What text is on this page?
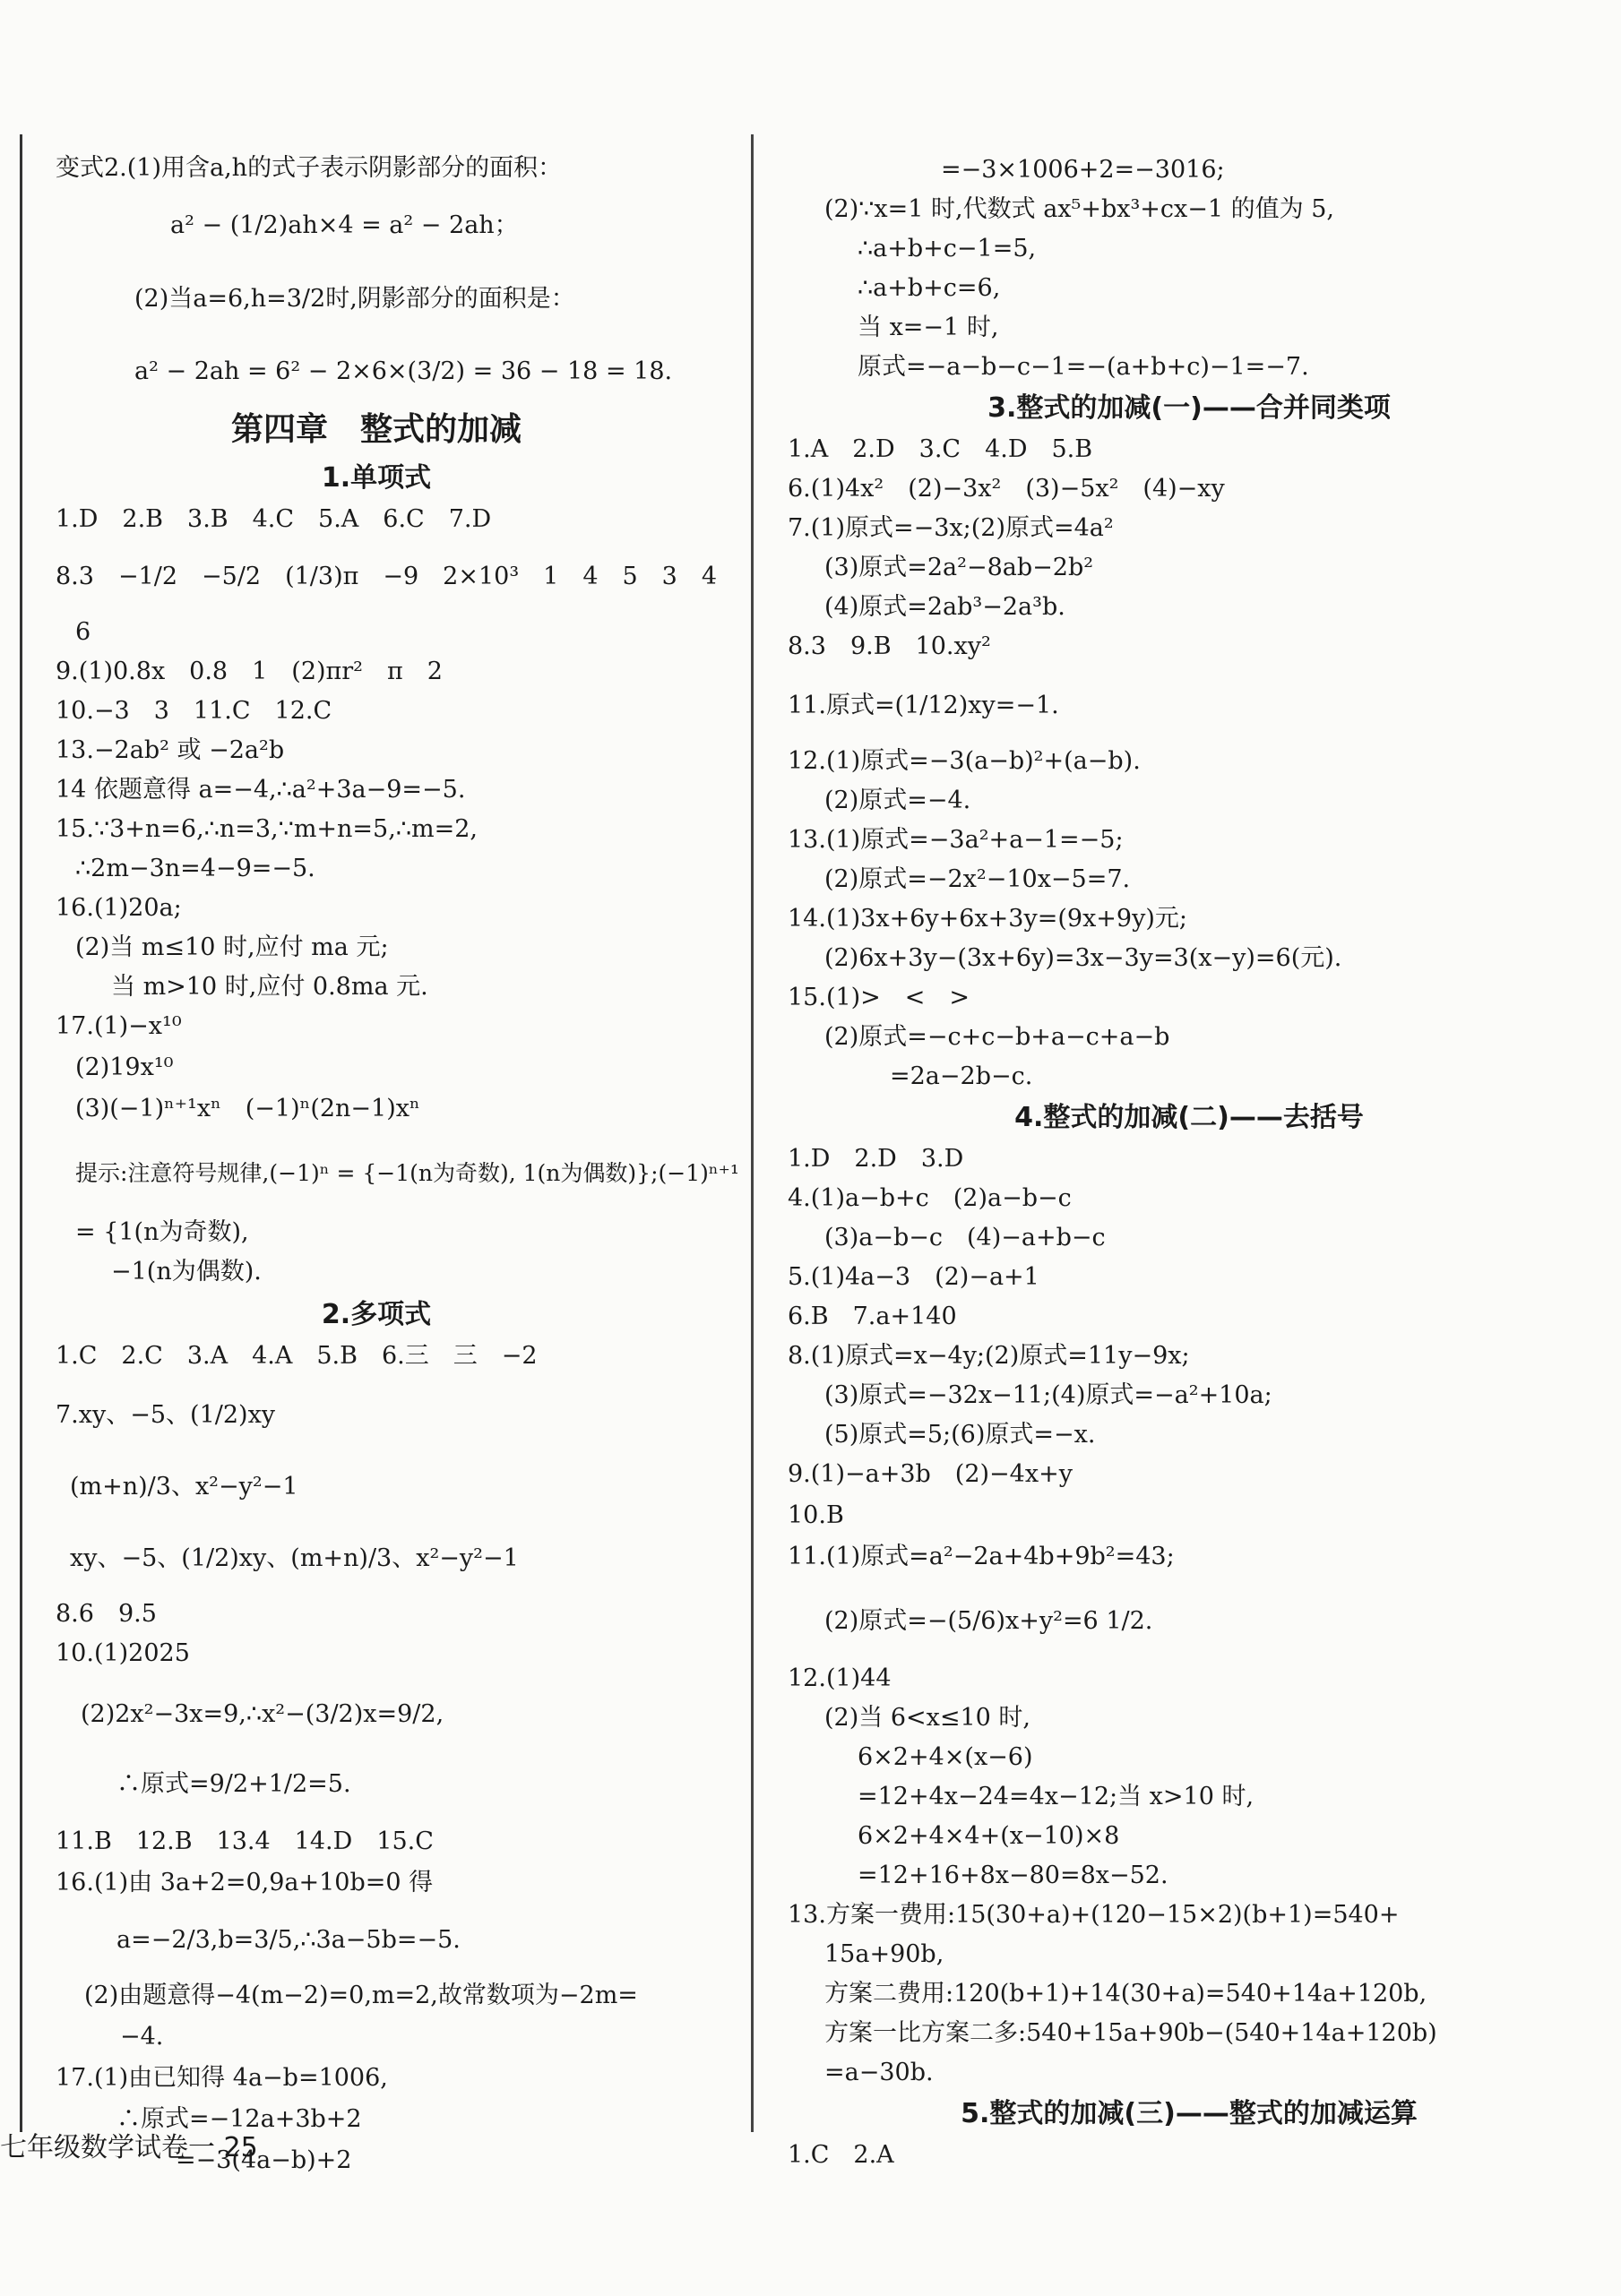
变式2.(1)用含a,h的式子表示阴影部分的面积：
a² − (1/2)ah×4 = a² − 2ah；
(2)当a=6,h=3/2时,阴影部分的面积是：
a² − 2ah = 6² − 2×6×(3/2) = 36 − 18 = 18.
第四章　整式的加减
1.单项式
1.D　2.B　3.B　4.C　5.A　6.C　7.D
8.3　−1/2　−5/2　(1/3)π　−9　2×10³　1　4　5　3　4
6
9.(1)0.8x　0.8　1　(2)πr²　π　2
10.−3　3　11.C　12.C
13.−2ab² 或 −2a²b
14 依题意得 a=−4,∴a²+3a−9=−5.
15.∵3+n=6,∴n=3,∵m+n=5,∴m=2,
∴2m−3n=4−9=−5.
16.(1)20a;
(2)当 m≤10 时,应付 ma 元;
当 m>10 时,应付 0.8ma 元.
17.(1)−x¹⁰
(2)19x¹⁰
(3)(−1)ⁿ⁺¹xⁿ　(−1)ⁿ(2n−1)xⁿ
提示:注意符号规律,(−1)ⁿ = {−1(n为奇数), 1(n为偶数)};(−1)ⁿ⁺¹
= {1(n为奇数),
−1(n为偶数).
2.多项式
1.C　2.C　3.A　4.A　5.B　6.三　三　−2
7.xy、−5、(1/2)xy
(m+n)/3、x²−y²−1
xy、−5、(1/2)xy、(m+n)/3、x²−y²−1
8.6　9.5
10.(1)2025
(2)2x²−3x=9,∴x²−(3/2)x=9/2,
∴原式=9/2+1/2=5.
11.B　12.B　13.4　14.D　15.C
16.(1)由 3a+2=0,9a+10b=0 得
a=−2/3,b=3/5,∴3a−5b=−5.
(2)由题意得−4(m−2)=0,m=2,故常数项为−2m=
−4.
17.(1)由已知得 4a−b=1006,
∴原式=−12a+3b+2
=−3(4a−b)+2
=−3×1006+2=−3016;
(2)∵x=1 时,代数式 ax⁵+bx³+cx−1 的值为 5,
∴a+b+c−1=5,
∴a+b+c=6,
当 x=−1 时,
原式=−a−b−c−1=−(a+b+c)−1=−7.
3.整式的加减(一)——合并同类项
1.A　2.D　3.C　4.D　5.B
6.(1)4x²　(2)−3x²　(3)−5x²　(4)−xy
7.(1)原式=−3x;(2)原式=4a²
(3)原式=2a²−8ab−2b²
(4)原式=2ab³−2a³b.
8.3　9.B　10.xy²
11.原式=(1/12)xy=−1.
12.(1)原式=−3(a−b)²+(a−b).
(2)原式=−4.
13.(1)原式=−3a²+a−1=−5;
(2)原式=−2x²−10x−5=7.
14.(1)3x+6y+6x+3y=(9x+9y)元;
(2)6x+3y−(3x+6y)=3x−3y=3(x−y)=6(元).
15.(1)>　<　>
(2)原式=−c+c−b+a−c+a−b
=2a−2b−c.
4.整式的加减(二)——去括号
1.D　2.D　3.D
4.(1)a−b+c　(2)a−b−c
(3)a−b−c　(4)−a+b−c
5.(1)4a−3　(2)−a+1
6.B　7.a+140
8.(1)原式=x−4y;(2)原式=11y−9x;
(3)原式=−32x−11;(4)原式=−a²+10a;
(5)原式=5;(6)原式=−x.
9.(1)−a+3b　(2)−4x+y
10.B
11.(1)原式=a²−2a+4b+9b²=43;
(2)原式=−(5/6)x+y²=6 1/2.
12.(1)44
(2)当 6<x≤10 时,
6×2+4×(x−6)
=12+4x−24=4x−12;当 x>10 时,
6×2+4×4+(x−10)×8
=12+16+8x−80=8x−52.
13.方案一费用:15(30+a)+(120−15×2)(b+1)=540+
15a+90b,
方案二费用:120(b+1)+14(30+a)=540+14a+120b,
方案一比方案二多:540+15a+90b−(540+14a+120b)
=a−30b.
5.整式的加减(三)——整式的加减运算
1.C　2.A
七年级数学试卷一 25
